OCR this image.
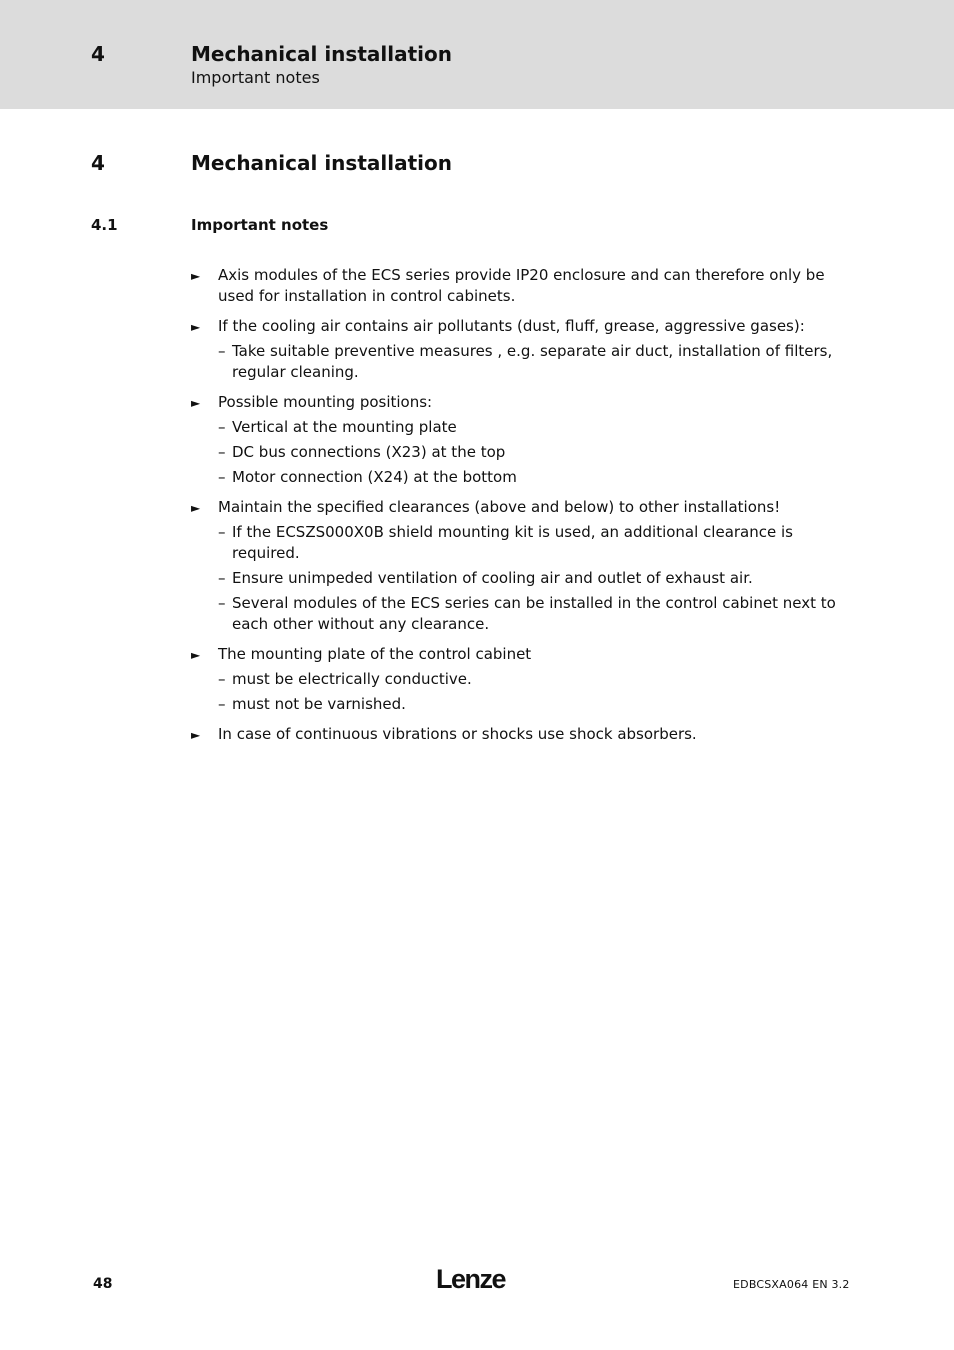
4	Mechanical installation
Important notes
4	Mechanical installation
4.1	Important notes
► Axis modules of the ECS series provide IP20 enclosure and can therefore only be used for installation in control cabinets.
► If the cooling air contains air pollutants (dust, fluff, grease, aggressive gases):
– Take suitable preventive measures , e.g. separate air duct, installation of filters, regular cleaning.
► Possible mounting positions:
– Vertical at the mounting plate
– DC bus connections (X23) at the top
– Motor connection (X24) at the bottom
► Maintain the specified clearances (above and below) to other installations!
– If the ECSZS000X0B shield mounting kit is used, an additional clearance is required.
– Ensure unimpeded ventilation of cooling air and outlet of exhaust air.
– Several modules of the ECS series can be installed in the control cabinet next to each other without any clearance.
► The mounting plate of the control cabinet
– must be electrically conductive.
– must not be varnished.
► In case of continuous vibrations or shocks use shock absorbers.
48	Lenze	EDBCSXA064 EN 3.2
